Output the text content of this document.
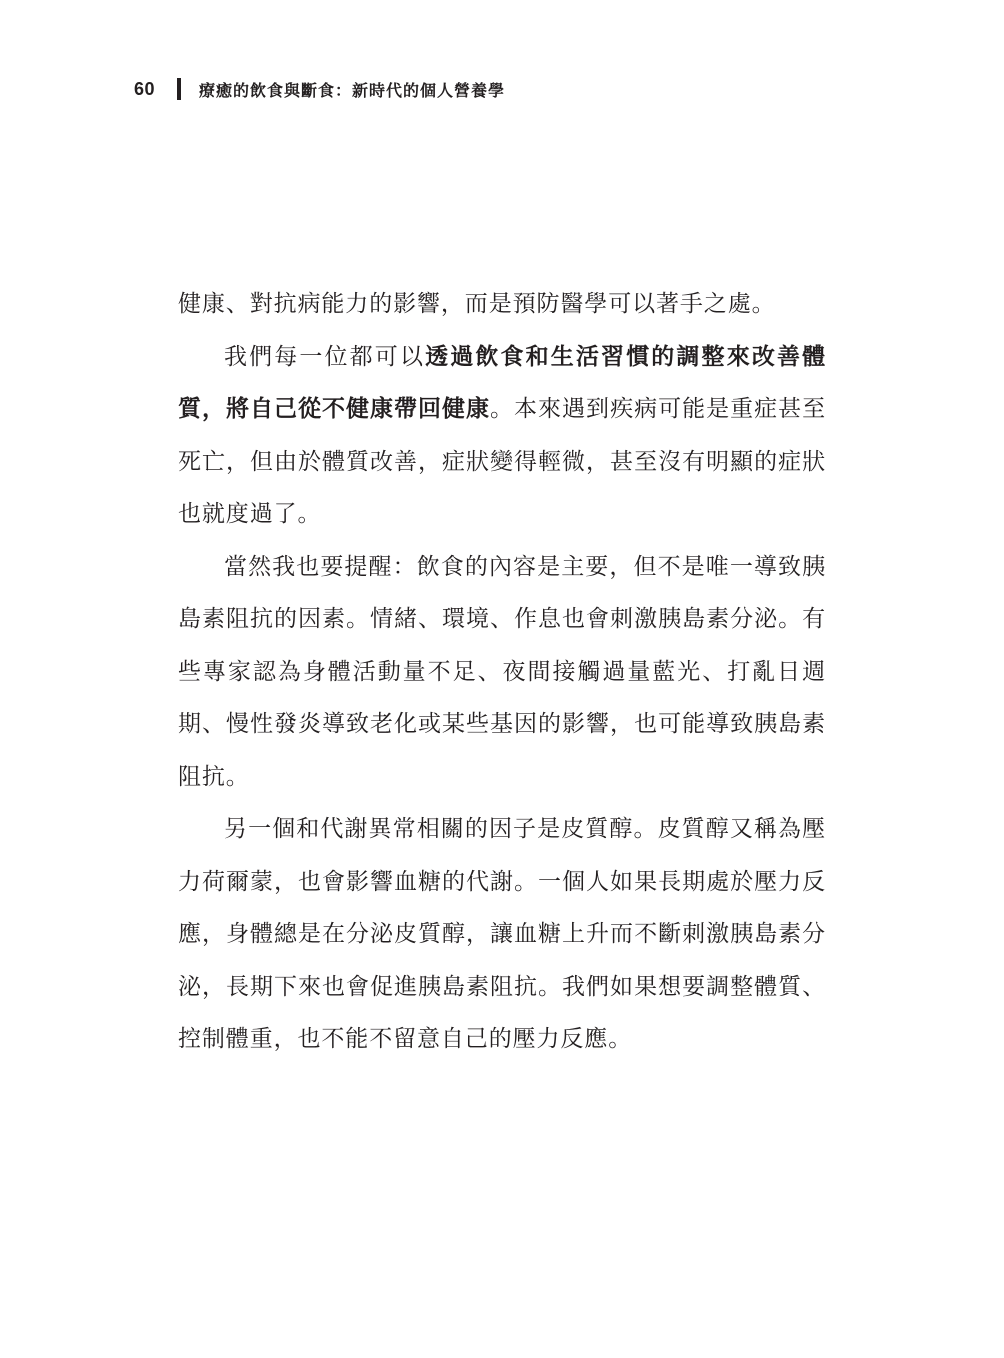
60	療癒的飲食與斷食：新時代的個人營養學

健康、對抗病能力的影響，而是預防醫學可以著手之處。

我們每一位都可以透過飲食和生活習慣的調整來改善體質，將自己從不健康帶回健康。本來遇到疾病可能是重症甚至死亡，但由於體質改善，症狀變得輕微，甚至沒有明顯的症狀也就度過了。

當然我也要提醒：飲食的內容是主要，但不是唯一導致胰島素阻抗的因素。情緒、環境、作息也會刺激胰島素分泌。有些專家認為身體活動量不足、夜間接觸過量藍光、打亂日週期、慢性發炎導致老化或某些基因的影響，也可能導致胰島素阻抗。

另一個和代謝異常相關的因子是皮質醇。皮質醇又稱為壓力荷爾蒙，也會影響血糖的代謝。一個人如果長期處於壓力反應，身體總是在分泌皮質醇，讓血糖上升而不斷刺激胰島素分泌，長期下來也會促進胰島素阻抗。我們如果想要調整體質、控制體重，也不能不留意自己的壓力反應。
